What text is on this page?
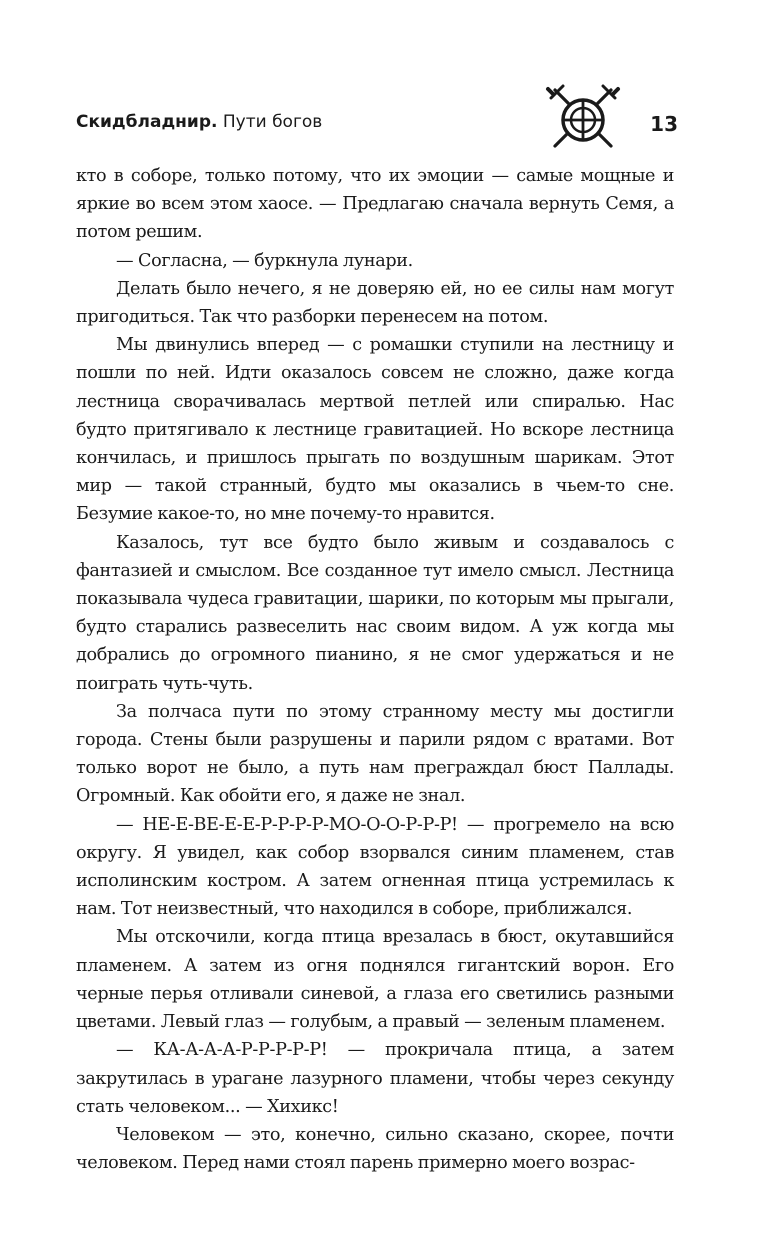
Скидбладнир. Пути богов	13

кто в соборе, только потому, что их эмоции — самые мощные и яркие во всем этом хаосе. — Предлагаю сначала вернуть Семя, а потом решим.

— Согласна, — буркнула лунари.

Делать было нечего, я не доверяю ей, но ее силы нам могут пригодиться. Так что разборки перенесем на потом.

Мы двинулись вперед — с ромашки ступили на лестницу и пошли по ней. Идти оказалось совсем не сложно, даже когда лестница сворачивалась мертвой петлей или спиралью. Нас будто притягивало к лестнице гравитацией. Но вскоре лестница кончилась, и пришлось прыгать по воздушным шарикам. Этот мир — такой странный, будто мы оказались в чьем-то сне. Безумие какое-то, но мне почему-то нравится.

Казалось, тут все будто было живым и создавалось с фантазией и смыслом. Все созданное тут имело смысл. Лестница показывала чудеса гравитации, шарики, по которым мы прыгали, будто старались развеселить нас своим видом. А уж когда мы добрались до огромного пианино, я не смог удержаться и не поиграть чуть-чуть.

За полчаса пути по этому странному месту мы достигли города. Стены были разрушены и парили рядом с вратами. Вот только ворот не было, а путь нам преграждал бюст Паллады. Огромный. Как обойти его, я даже не знал.

— НЕ-Е-ВЕ-Е-Е-Р-Р-Р-Р-МО-О-О-Р-Р-Р! — прогремело на всю округу. Я увидел, как собор взорвался синим пламенем, став исполинским костром. А затем огненная птица устремилась к нам. Тот неизвестный, что находился в соборе, приближался.

Мы отскочили, когда птица врезалась в бюст, окутавшийся пламенем. А затем из огня поднялся гигантский ворон. Его черные перья отливали синевой, а глаза его светились разными цветами. Левый глаз — голубым, а правый — зеленым пламенем.

— КА-А-А-А-Р-Р-Р-Р-Р! — прокричала птица, а затем закрутилась в урагане лазурного пламени, чтобы через секунду стать человеком... — Хихикс!

Человеком — это, конечно, сильно сказано, скорее, почти человеком. Перед нами стоял парень примерно моего возрас-
